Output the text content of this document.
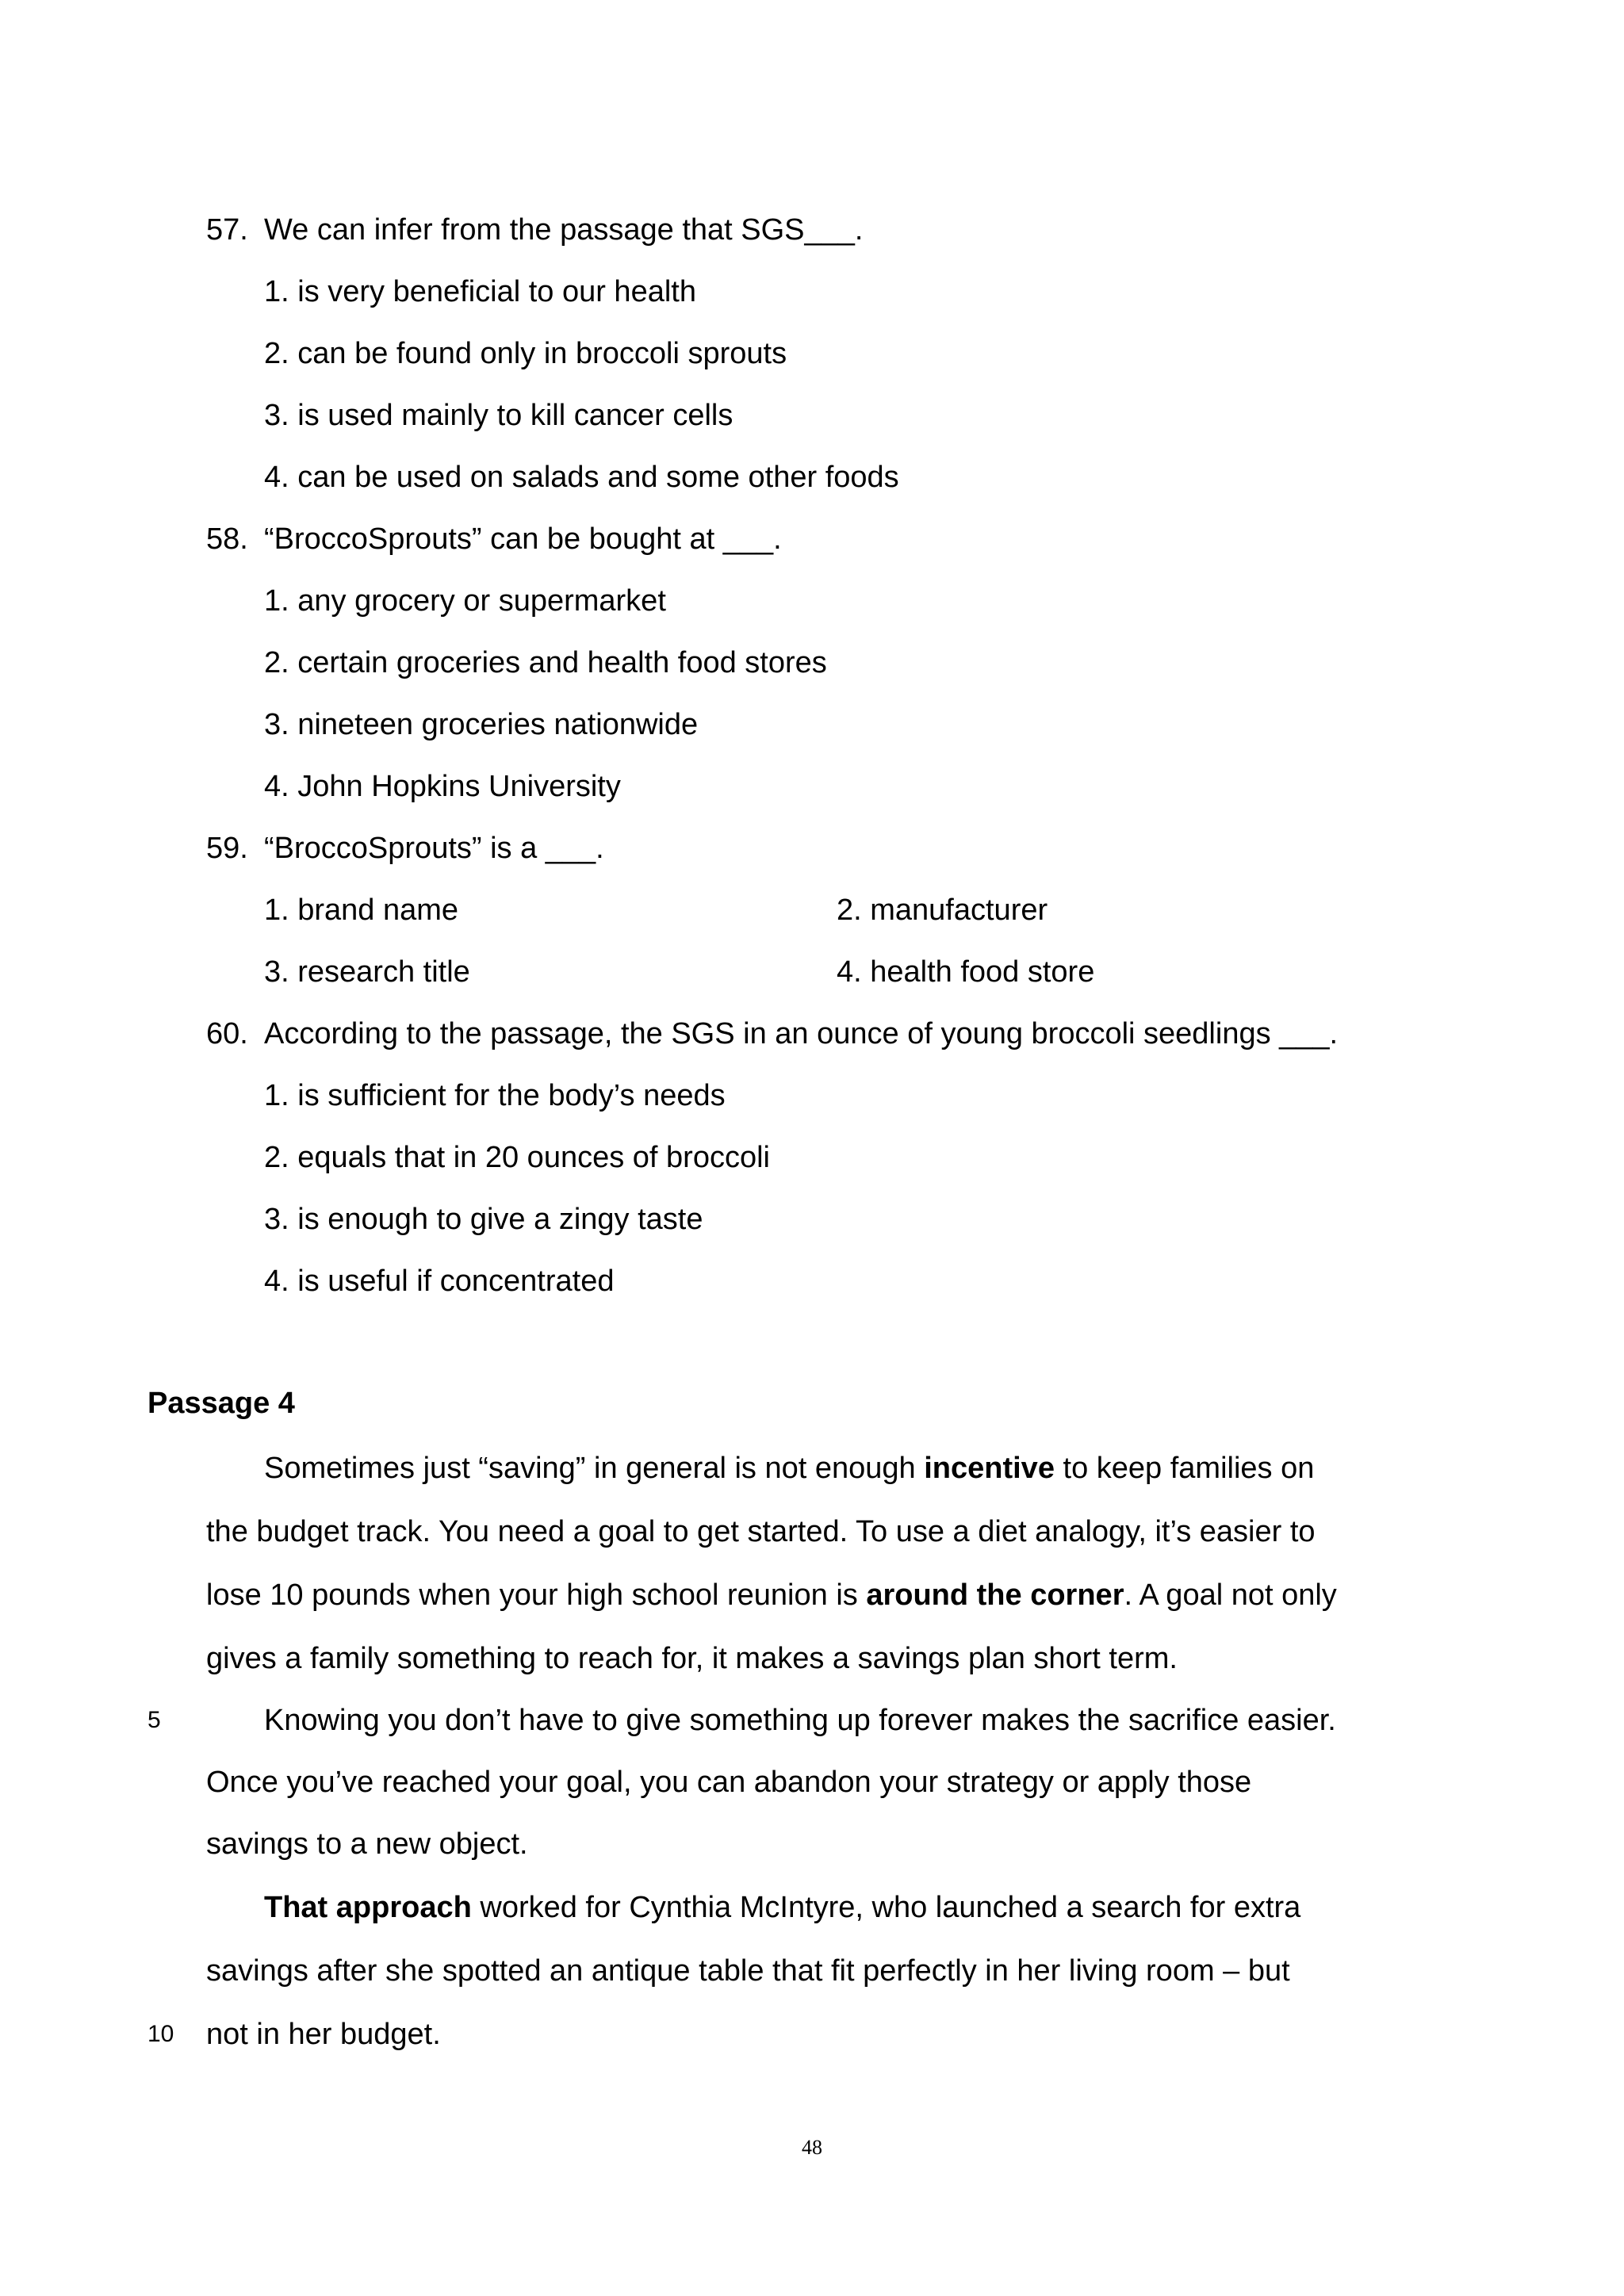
57. We can infer from the passage that SGS___.
1. is very beneficial to our health
2. can be found only in broccoli sprouts
3. is used mainly to kill cancer cells
4. can be used on salads and some other foods
58. “BroccoSprouts” can be bought at ___.
1. any grocery or supermarket
2. certain groceries and health food stores
3. nineteen groceries nationwide
4. John Hopkins University
59. “BroccoSprouts” is a ___.
1. brand name	2. manufacturer
3. research title	4. health food store
60. According to the passage, the SGS in an ounce of young broccoli seedlings ___.
1. is sufficient for the body’s needs
2. equals that in 20 ounces of broccoli
3. is enough to give a zingy taste
4. is useful if concentrated
Passage 4
Sometimes just “saving” in general is not enough incentive to keep families on
the budget track. You need a goal to get started. To use a diet analogy, it’s easier to
lose 10 pounds when your high school reunion is around the corner. A goal not only
gives a family something to reach for, it makes a savings plan short term.
5	Knowing you don’t have to give something up forever makes the sacrifice easier.
Once you’ve reached your goal, you can abandon your strategy or apply those
savings to a new object.
That approach worked for Cynthia McIntyre, who launched a search for extra
savings after she spotted an antique table that fit perfectly in her living room – but
10 not in her budget.
48
